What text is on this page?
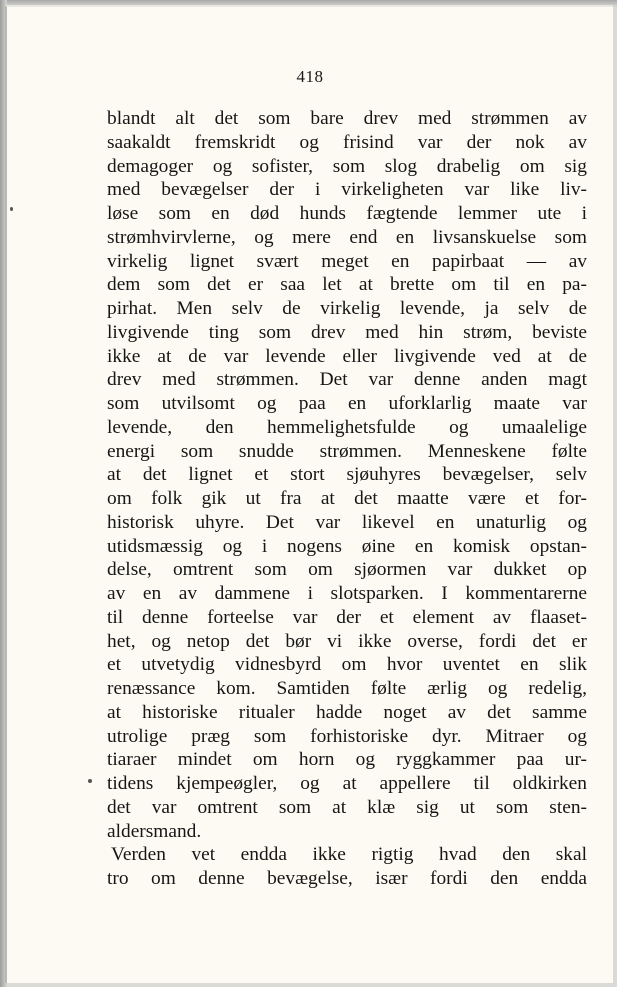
418
blandt alt det som bare drev med strømmen av
saakaldt fremskridt og frisind var der nok av
demagoger og sofister, som slog drabelig om sig
med bevægelser der i virkeligheten var like liv-
løse som en død hunds fægtende lemmer ute i
strømhvirvlerne, og mere end en livsanskuelse som
virkelig lignet svært meget en papirbaat — av
dem som det er saa let at brette om til en pa-
pirhat. Men selv de virkelig levende, ja selv de
livgivende ting som drev med hin strøm, beviste
ikke at de var levende eller livgivende ved at de
drev med strømmen. Det var denne anden magt
som utvilsomt og paa en uforklarlig maate var
levende, den hemmelighetsfulde og umaalelige
energi som snudde strømmen. Menneskene følte
at det lignet et stort sjøuhyres bevægelser, selv
om folk gik ut fra at det maatte være et for-
historisk uhyre. Det var likevel en unaturlig og
utidsmæssig og i nogens øine en komisk opstan-
delse, omtrent som om sjøormen var dukket op
av en av dammene i slotsparken. I kommentarerne
til denne forteelse var der et element av flaaset-
het, og netop det bør vi ikke overse, fordi det er
et utvetydig vidnesbyrd om hvor uventet en slik
renæssance kom. Samtiden følte ærlig og redelig,
at historiske ritualer hadde noget av det samme
utrolige præg som forhistoriske dyr. Mitraer og
tiaraer mindet om horn og ryggkammer paa ur-
tidens kjempeøgler, og at appellere til oldkirken
det var omtrent som at klæ sig ut som sten-
aldersmand.
Verden vet endda ikke rigtig hvad den skal
tro om denne bevægelse, især fordi den endda
